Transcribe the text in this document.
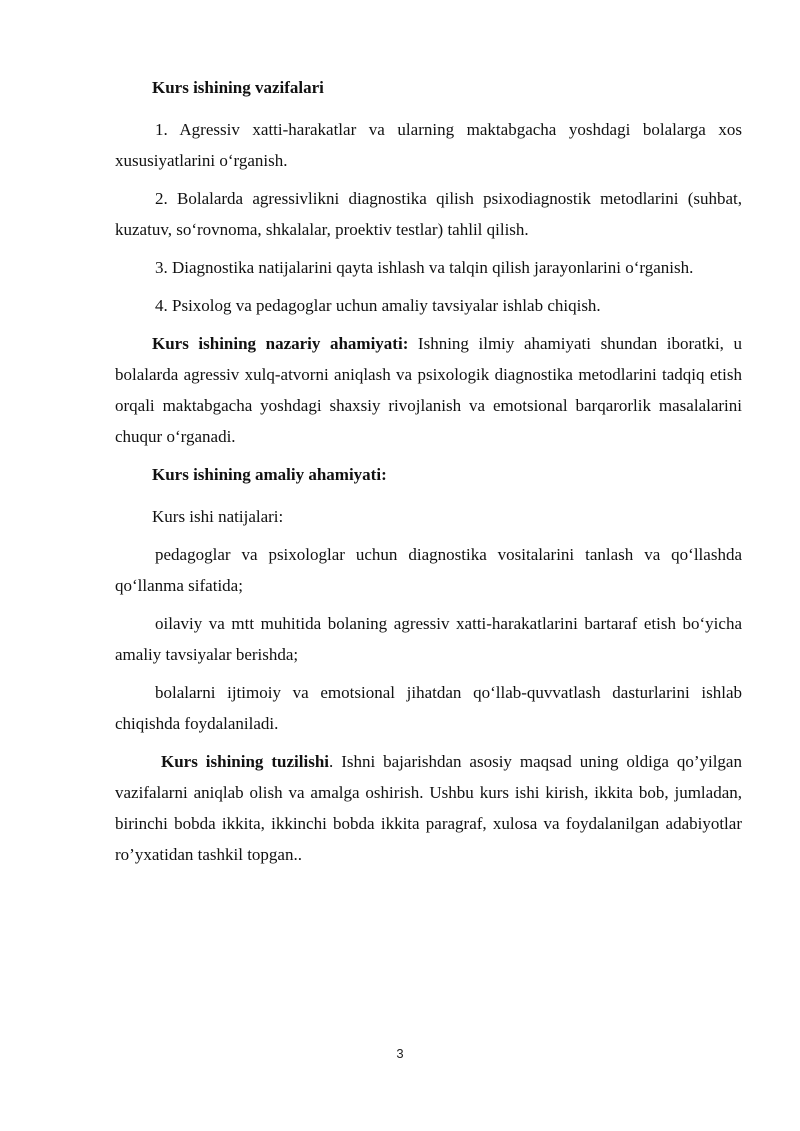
Kurs ishining vazifalari

1. Agressiv xatti-harakatlar va ularning maktabgacha yoshdagi bolalarga xos xususiyatlarini o‘rganish.

2. Bolalarda agressivlikni diagnostika qilish psixodiagnostik metodlarini (suhbat, kuzatuv, so‘rovnoma, shkalalar, proektiv testlar) tahlil qilish.

3. Diagnostika natijalarini qayta ishlash va talqin qilish jarayonlarini o‘rganish.

4. Psixolog va pedagoglar uchun amaliy tavsiyalar ishlab chiqish.

Kurs ishining nazariy ahamiyati: Ishning ilmiy ahamiyati shundan iboratki, u bolalarda agressiv xulq-atvorni aniqlash va psixologik diagnostika metodlarini tadqiq etish orqali maktabgacha yoshdagi shaxsiy rivojlanish va emotsional barqarorlik masalalarini chuqur o‘rganadi.

Kurs ishining amaliy ahamiyati:

Kurs ishi natijalari:

pedagoglar va psixologlar uchun diagnostika vositalarini tanlash va qo‘llashda qo‘llanma sifatida;

oilaviy va mtt muhitida bolaning agressiv xatti-harakatlarini bartaraf etish bo‘yicha amaliy tavsiyalar berishda;

bolalarni ijtimoiy va emotsional jihatdan qo‘llab-quvvatlash dasturlarini ishlab chiqishda foydalaniladi.

Kurs ishining tuzilishi. Ishni bajarishdan asosiy maqsad uning oldiga qo’yilgan vazifalarni aniqlab olish va amalga oshirish. Ushbu kurs ishi kirish, ikkita bob, jumladan, birinchi bobda ikkita, ikkinchi bobda ikkita paragraf, xulosa va foydalanilgan adabiyotlar ro’yxatidan tashkil topgan..

3
